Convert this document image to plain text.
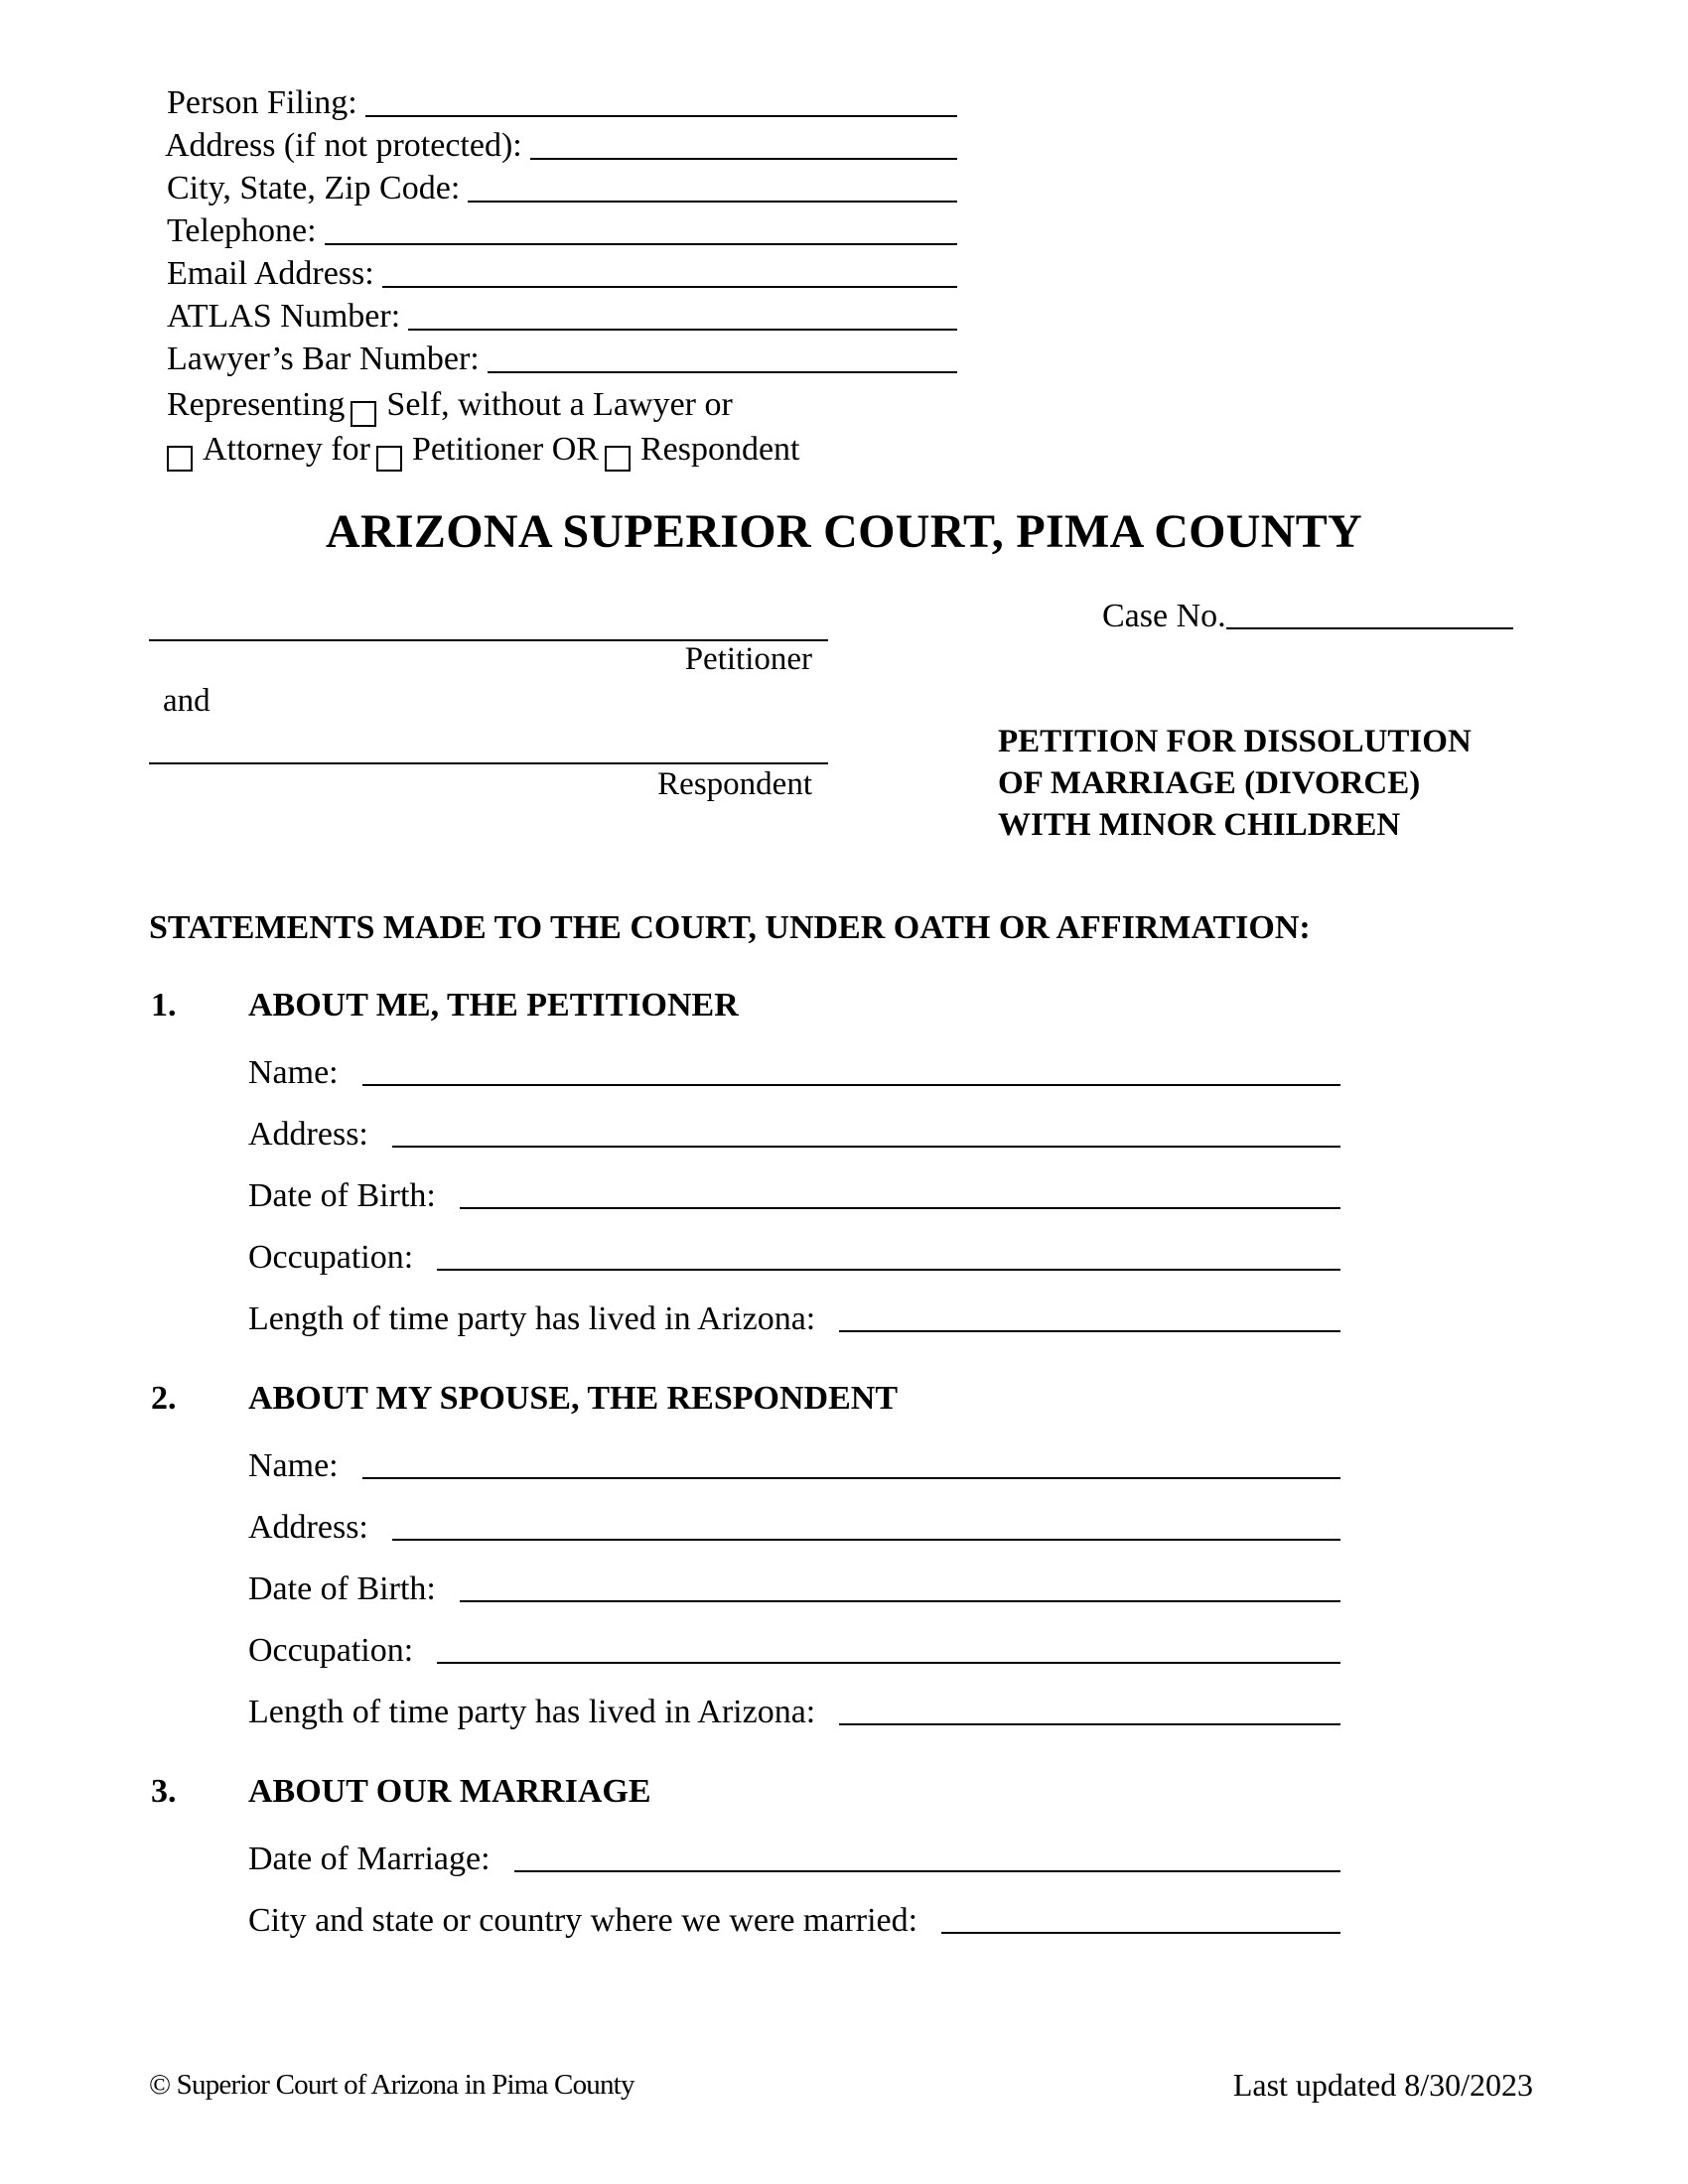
Person Filing:
Address (if not protected):
City, State, Zip Code:
Telephone:
Email Address:
ATLAS Number:
Lawyer’s Bar Number:
Representing Self, without a Lawyer or
Attorney for Petitioner OR Respondent
ARIZONA SUPERIOR COURT, PIMA COUNTY
Petitioner
and
Respondent
Case No.
PETITION FOR DISSOLUTION
OF MARRIAGE (DIVORCE)
WITH MINOR CHILDREN
STATEMENTS MADE TO THE COURT, UNDER OATH OR AFFIRMATION:
1. ABOUT ME, THE PETITIONER
Name:
Address:
Date of Birth:
Occupation:
Length of time party has lived in Arizona:
2. ABOUT MY SPOUSE, THE RESPONDENT
Name:
Address:
Date of Birth:
Occupation:
Length of time party has lived in Arizona:
3. ABOUT OUR MARRIAGE
Date of Marriage:
City and state or country where we were married:
© Superior Court of Arizona in Pima County	Last updated 8/30/2023
